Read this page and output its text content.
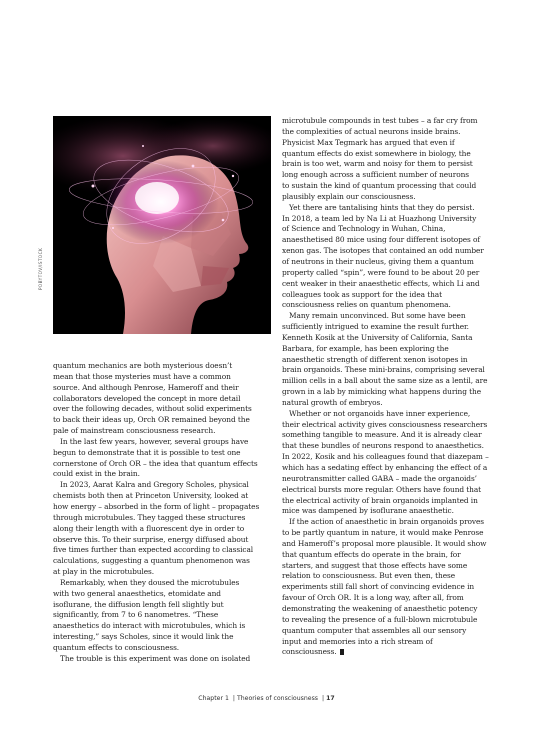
POBYTOV/ISTOCK

quantum mechanics are both mysterious doesn’t
mean that those mysteries must have a common
source. And although Penrose, Hameroff and their
collaborators developed the concept in more detail
over the following decades, without solid experiments
to back their ideas up, Orch OR remained beyond the
pale of mainstream consciousness research.

In the last few years, however, several groups have
begun to demonstrate that it is possible to test one
cornerstone of Orch OR – the idea that quantum effects
could exist in the brain.

In 2023, Aarat Kalra and Gregory Scholes, physical
chemists both then at Princeton University, looked at
how energy – absorbed in the form of light – propagates
through microtubules. They tagged these structures
along their length with a fluorescent dye in order to
observe this. To their surprise, energy diffused about
five times further than expected according to classical
calculations, suggesting a quantum phenomenon was
at play in the microtubules.

Remarkably, when they doused the microtubules
with two general anaesthetics, etomidate and
isoflurane, the diffusion length fell slightly but
significantly, from 7 to 6 nanometres. “These
anaesthetics do interact with microtubules, which is
interesting,” says Scholes, since it would link the
quantum effects to consciousness.

The trouble is this experiment was done on isolated

microtubule compounds in test tubes – a far cry from
the complexities of actual neurons inside brains.
Physicist Max Tegmark has argued that even if
quantum effects do exist somewhere in biology, the
brain is too wet, warm and noisy for them to persist
long enough across a sufficient number of neurons
to sustain the kind of quantum processing that could
plausibly explain our consciousness.

Yet there are tantalising hints that they do persist.
In 2018, a team led by Na Li at Huazhong University
of Science and Technology in Wuhan, China,
anaesthetised 80 mice using four different isotopes of
xenon gas. The isotopes that contained an odd number
of neutrons in their nucleus, giving them a quantum
property called “spin”, were found to be about 20 per
cent weaker in their anaesthetic effects, which Li and
colleagues took as support for the idea that
consciousness relies on quantum phenomena.

Many remain unconvinced. But some have been
sufficiently intrigued to examine the result further.
Kenneth Kosik at the University of California, Santa
Barbara, for example, has been exploring the
anaesthetic strength of different xenon isotopes in
brain organoids. These mini-brains, comprising several
million cells in a ball about the same size as a lentil, are
grown in a lab by mimicking what happens during the
natural growth of embryos.

Whether or not organoids have inner experience,
their electrical activity gives consciousness researchers
something tangible to measure. And it is already clear
that these bundles of neurons respond to anaesthetics.
In 2022, Kosik and his colleagues found that diazepam –
which has a sedating effect by enhancing the effect of a
neurotransmitter called GABA – made the organoids’
electrical bursts more regular. Others have found that
the electrical activity of brain organoids implanted in
mice was dampened by isoflurane anaesthetic.

If the action of anaesthetic in brain organoids proves
to be partly quantum in nature, it would make Penrose
and Hameroff’s proposal more plausible. It would show
that quantum effects do operate in the brain, for
starters, and suggest that those effects have some
relation to consciousness. But even then, these
experiments still fall short of convincing evidence in
favour of Orch OR. It is a long way, after all, from
demonstrating the weakening of anaesthetic potency
to revealing the presence of a full-blown microtubule
quantum computer that assembles all our sensory
input and memories into a rich stream of
consciousness.

Chapter 1 | Theories of consciousness | 17
